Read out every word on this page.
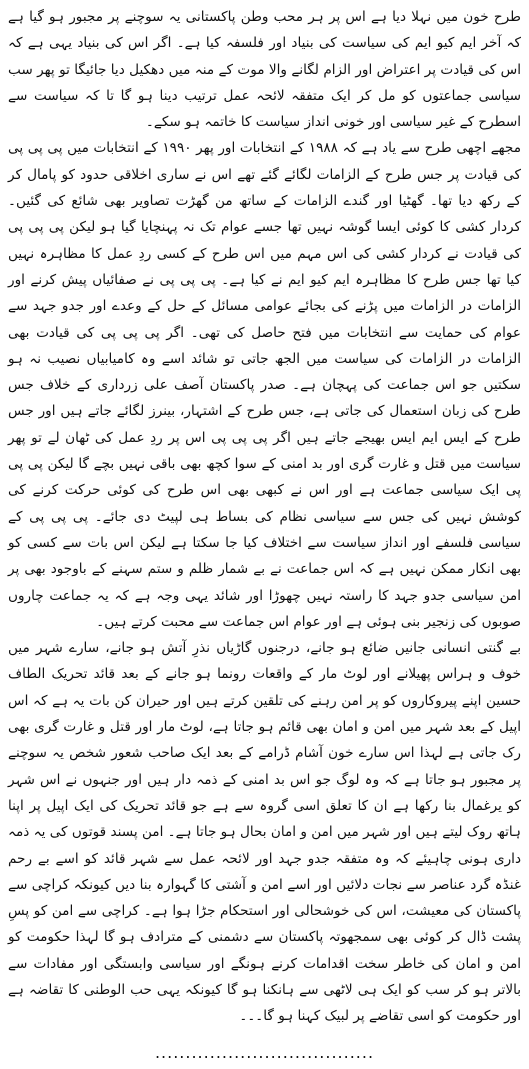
طرح خون میں نہلا دیا ہے اس پر ہر محب وطن پاکستانی یہ سوچنے پر مجبور ہو گیا ہے کہ آخر ایم کیو ایم کی سیاست کی بنیاد اور فلسفہ کیا ہے۔ اگر اس کی بنیاد یہی ہے کہ اس کی قیادت پر اعتراض اور الزام لگانے والا موت کے منہ میں دھکیل دیا جائیگا تو پھر سب سیاسی جماعتوں کو مل کر ایک متفقہ لائحہ عمل ترتیب دینا ہو گا تا کہ سیاست سے اسطرح کے غیر سیاسی اور خونی انداز سیاست کا خاتمہ ہو سکے۔

مجھے اچھی طرح سے یاد ہے کہ ۱۹۸۸ کے انتخابات اور پھر ۱۹۹۰ کے انتخابات میں پی پی پی کی قیادت پر جس طرح کے الزامات لگائے گئے تھے اس نے ساری اخلاقی حدود کو پامال کر کے رکھ دیا تھا۔ گھٹیا اور گندے الزامات کے ساتھ من گھڑت تصاویر بھی شائع کی گئیں۔ کردار کشی کا کوئی ایسا گوشہ نہیں تھا جسے عوام تک نہ پہنچایا گیا ہو لیکن پی پی پی کی قیادت نے کردار کشی کی اس مہم میں اس طرح کے کسی ردِ عمل کا مظاہرہ نہیں کیا تھا جس طرح کا مظاہرہ ایم کیو ایم نے کیا ہے۔ پی پی پی نے صفائیاں پیش کرنے اور الزامات در الزامات میں پڑنے کی بجائے عوامی مسائل کے حل کے وعدے اور جدو جہد سے عوام کی حمایت سے انتخابات میں فتح حاصل کی تھی۔ اگر پی پی پی کی قیادت بھی الزامات در الزامات کی سیاست میں الجھ جاتی تو شائد اسے وہ کامیابیاں نصیب نہ ہو سکتیں جو اس جماعت کی پہچان ہے۔ صدر پاکستان آصف علی زرداری کے خلاف جس طرح کی زبان استعمال کی جاتی ہے، جس طرح کے اشتہار، بینرز لگائے جاتے ہیں اور جس طرح کے ایس ایم ایس بھیجے جاتے ہیں اگر پی پی پی اس پر ردِ عمل کی ٹھان لے تو پھر سیاست میں قتل و غارت گری اور بد امنی کے سوا کچھ بھی باقی نہیں بچے گا لیکن پی پی پی ایک سیاسی جماعت ہے اور اس نے کبھی بھی اس طرح کی کوئی حرکت کرنے کی کوشش نہیں کی جس سے سیاسی نظام کی بساط ہی لپیٹ دی جائے۔ پی پی پی کے سیاسی فلسفے اور انداز سیاست سے اختلاف کیا جا سکتا ہے لیکن اس بات سے کسی کو بھی انکار ممکن نہیں ہے کہ اس جماعت نے بے شمار ظلم و ستم سہنے کے باوجود بھی پر امن سیاسی جدو جہد کا راستہ نہیں چھوڑا اور شائد یہی وجہ ہے کہ یہ جماعت چاروں صوبوں کی زنجیر بنی ہوئی ہے اور عوام اس جماعت سے محبت کرتے ہیں۔

بے گنتی انسانی جانیں ضائع ہو جانے، درجنوں گاڑیاں نذرِ آتش ہو جانے، سارے شہر میں خوف و ہراس پھیلانے اور لوٹ مار کے واقعات رونما ہو جانے کے بعد قائد تحریک الطاف حسین اپنے پیروکاروں کو پر امن رہنے کی تلقین کرتے ہیں اور حیران کن بات یہ ہے کہ اس اپیل کے بعد شہر میں امن و امان بھی قائم ہو جاتا ہے، لوٹ مار اور قتل و غارت گری بھی رک جاتی ہے لہذا اس سارے خون آشام ڈرامے کے بعد ایک صاحب شعور شخص یہ سوچنے پر مجبور ہو جاتا ہے کہ وہ لوگ جو اس بد امنی کے ذمہ دار ہیں اور جنہوں نے اس شہر کو یرغمال بنا رکھا ہے ان کا تعلق اسی گروہ سے ہے جو قائد تحریک کی ایک اپیل پر اپنا ہاتھ روک لیتے ہیں اور شہر میں امن و امان بحال ہو جاتا ہے۔ امن پسند قوتوں کی یہ ذمہ داری ہونی چاہیئے کہ وہ متفقہ جدو جہد اور لائحہ عمل سے شہر قائد کو اسے بے رحم غنڈہ گرد عناصر سے نجات دلائیں اور اسے امن و آشتی کا گہوارہ بنا دیں کیونکہ کراچی سے پاکستان کی معیشت، اس کی خوشحالی اور استحکام جڑا ہوا ہے۔ کراچی سے امن کو پسِ پشت ڈال کر کوئی بھی سمجھوتہ پاکستان سے دشمنی کے مترادف ہو گا لہذا حکومت کو امن و امان کی خاطر سخت اقدامات کرنے ہونگے اور سیاسی وابستگی اور مفادات سے بالاتر ہو کر سب کو ایک ہی لاٹھی سے ہانکنا ہو گا کیونکہ یہی حب الوطنی کا تقاضہ ہے اور حکومت کو اسی تقاضے پر لبیک کہنا ہو گا۔۔۔

....................................
